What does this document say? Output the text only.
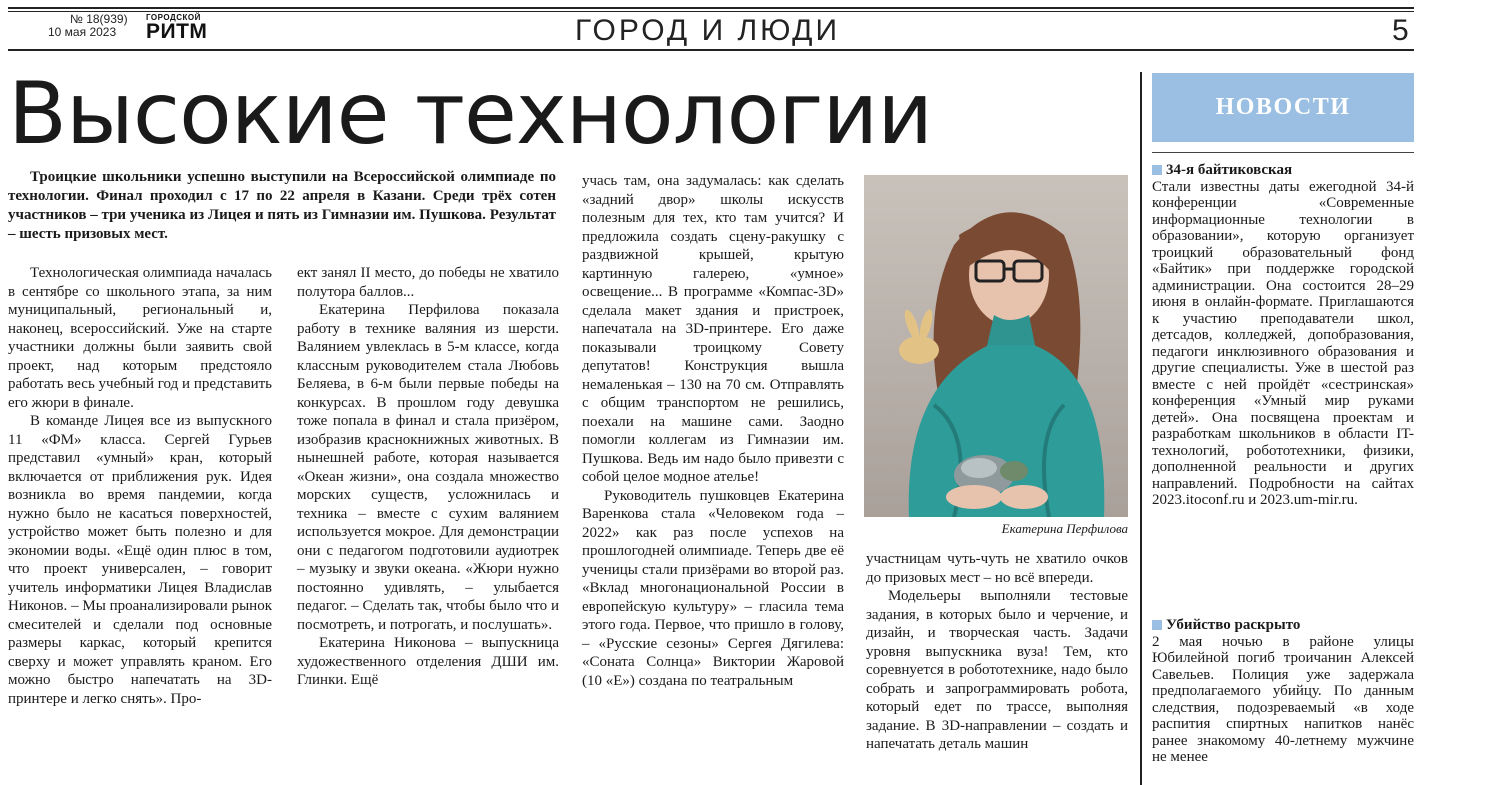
№ 18(939)
10 мая 2023
ГОРОДСКОЙ
РИТМ	ГОРОД И ЛЮДИ	5
Высокие технологии

Троицкие школьники успешно выступили на Всероссийской олимпиаде по технологии. Финал проходил с 17 по 22 апреля в Казани. Среди трёх сотен участников – три ученика из Лицея и пять из Гимназии им. Пушкова. Результат – шесть призовых мест.

Технологическая олимпиада началась в сентябре со школьного этапа, за ним муниципальный, региональный и, наконец, всероссийский. Уже на старте участники должны были заявить свой проект, над которым предстояло работать весь учебный год и представить его жюри в финале.

В команде Лицея все из выпускного 11 «ФМ» класса. Сергей Гурьев представил «умный» кран, который включается от приближения рук. Идея возникла во время пандемии, когда нужно было не касаться поверхностей, устройство может быть полезно и для экономии воды. «Ещё один плюс в том, что проект универсален, – говорит учитель информатики Лицея Владислав Никонов. – Мы проанализировали рынок смесителей и сделали под основные размеры каркас, который крепится сверху и может управлять краном. Его можно быстро напечатать на 3D-принтере и легко снять». Про-

ект занял II место, до победы не хватило полутора баллов...

Екатерина Перфилова показала работу в технике валяния из шерсти. Валянием увлеклась в 5-м классе, когда классным руководителем стала Любовь Беляева, в 6-м были первые победы на конкурсах. В прошлом году девушка тоже попала в финал и стала призёром, изобразив краснокнижных животных. В нынешней работе, которая называется «Океан жизни», она создала множество морских существ, усложнилась и техника – вместе с сухим валянием используется мокрое. Для демонстрации они с педагогом подготовили аудиотрек – музыку и звуки океана. «Жюри нужно постоянно удивлять, – улыбается педагог. – Сделать так, чтобы было что и посмотреть, и потрогать, и послушать».

Екатерина Никонова – выпускница художественного отделения ДШИ им. Глинки. Ещё

учась там, она задумалась: как сделать «задний двор» школы искусств полезным для тех, кто там учится? И предложила создать сцену-ракушку с раздвижной крышей, крытую картинную галерею, «умное» освещение... В программе «Компас-3D» сделала макет здания и пристроек, напечатала на 3D-принтере. Его даже показывали троицкому Совету депутатов! Конструкция вышла немаленькая – 130 на 70 см. Отправлять с общим транспортом не решились, поехали на машине сами. Заодно помогли коллегам из Гимназии им. Пушкова. Ведь им надо было привезти с собой целое модное ателье!

Руководитель пушковцев Екатерина Варенкова стала «Человеком года – 2022» как раз после успехов на прошлогодней олимпиаде. Теперь две её ученицы стали призёрами во второй раз. «Вклад многонациональной России в европейскую культуру» – гласила тема этого года. Первое, что пришло в голову, – «Русские сезоны» Сергея Дягилева: «Соната Солнца» Виктории Жаровой (10 «Е») создана по театральным

Екатерина Перфилова

участницам чуть-чуть не хватило очков до призовых мест – но всё впереди.

Модельеры выполняли тестовые задания, в которых было и черчение, и дизайн, и творческая часть. Задачи уровня выпускника вуза! Тем, кто соревнуется в робототехнике, надо было собрать и запрограммировать робота, который едет по трассе, выполняя задание. В 3D-направлении – создать и напечатать деталь машин

НОВОСТИ
34-я байтиковская

Стали известны даты ежегодной 34-й конференции «Современные информационные технологии в образовании», которую организует троицкий образовательный фонд «Байтик» при поддержке городской администрации. Она состоится 28–29 июня в онлайн-формате. Приглашаются к участию преподаватели школ, детсадов, колледжей, допобразования, педагоги инклюзивного образования и другие специалисты. Уже в шестой раз вместе с ней пройдёт «сестринская» конференция «Умный мир руками детей». Она посвящена проектам и разработкам школьников в области IT-технологий, робототехники, физики, дополненной реальности и других направлений. Подробности на сайтах 2023.itoconf.ru и 2023.um-mir.ru.

Убийство раскрыто

2 мая ночью в районе улицы Юбилейной погиб троичанин Алексей Савельев. Полиция уже задержала предполагаемого убийцу. По данным следствия, подозреваемый «в ходе распития спиртных напитков нанёс ранее знакомому 40-летнему мужчине не менее
